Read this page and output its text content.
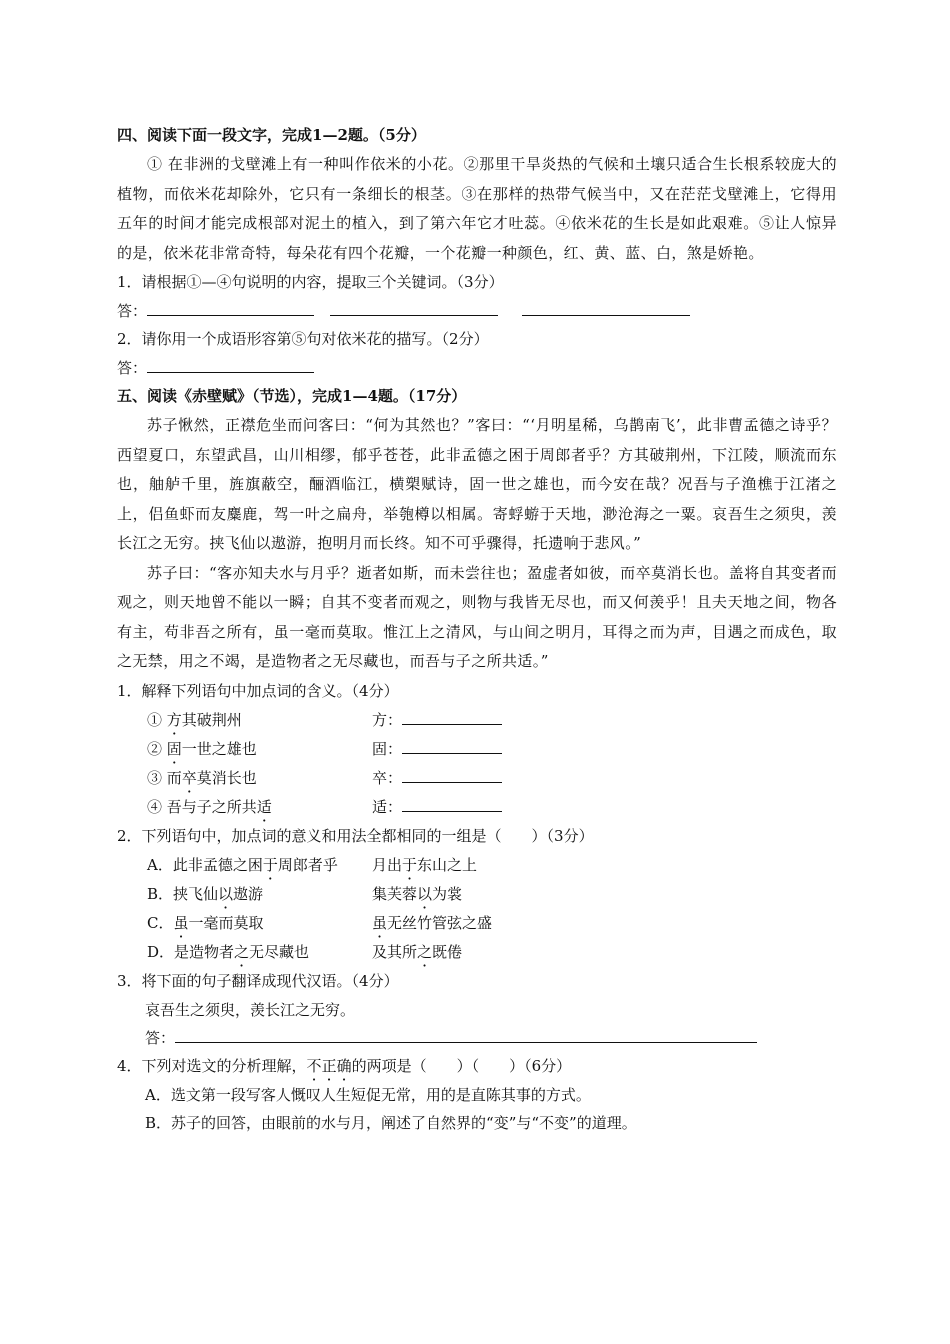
四、阅读下面一段文字，完成1—2题。（5分）

① 在非洲的戈壁滩上有一种叫作依米的小花。②那里干旱炎热的气候和土壤只适合生长根系较庞大的植物，而依米花却除外，它只有一条细长的根茎。③在那样的热带气候当中，又在茫茫戈壁滩上，它得用五年的时间才能完成根部对泥土的植入，到了第六年它才吐蕊。④依米花的生长是如此艰难。⑤让人惊异的是，依米花非常奇特，每朵花有四个花瓣，一个花瓣一种颜色，红、黄、蓝、白，煞是娇艳。

1．请根据①—④句说明的内容，提取三个关键词。（3分）

答：

2．请你用一个成语形容第⑤句对依米花的描写。（2分）

答：

五、阅读《赤壁赋》（节选），完成1—4题。（17分）

苏子愀然，正襟危坐而问客曰：“何为其然也？”客曰：“‘月明星稀，乌鹊南飞’，此非曹孟德之诗乎？西望夏口，东望武昌，山川相缪，郁乎苍苍，此非孟德之困于周郎者乎？方其破荆州，下江陵，顺流而东也，舳舻千里，旌旗蔽空，酾酒临江，横槊赋诗，固一世之雄也，而今安在哉？况吾与子渔樵于江渚之上，侣鱼虾而友麋鹿，驾一叶之扁舟，举匏樽以相属。寄蜉蝣于天地，渺沧海之一粟。哀吾生之须臾，羡长江之无穷。挟飞仙以遨游，抱明月而长终。知不可乎骤得，托遗响于悲风。”

苏子曰：“客亦知夫水与月乎？逝者如斯，而未尝往也；盈虚者如彼，而卒莫消长也。盖将自其变者而观之，则天地曾不能以一瞬；自其不变者而观之，则物与我皆无尽也，而又何羡乎！且夫天地之间，物各有主，苟非吾之所有，虽一毫而莫取。惟江上之清风，与山间之明月，耳得之而为声，目遇之而成色，取之无禁，用之不竭，是造物者之无尽藏也，而吾与子之所共适。”

1．解释下列语句中加点词的含义。（4分）

① 方其破荆州	方：
② 固一世之雄也	固：
③ 而卒莫消长也	卒：
④ 吾与子之所共适	适：

2．下列语句中，加点词的意义和用法全都相同的一组是（　　）（3分）

A．此非孟德之困于周郎者乎	月出于东山之上
B．挟飞仙以遨游	集芙蓉以为裳
C．虽一毫而莫取	虽无丝竹管弦之盛
D．是造物者之无尽藏也	及其所之既倦

3．将下面的句子翻译成现代汉语。（4分）

哀吾生之须臾，羡长江之无穷。

答：

4．下列对选文的分析理解，不正确的两项是（　　）（　　）（6分）

A．选文第一段写客人慨叹人生短促无常，用的是直陈其事的方式。

B．苏子的回答，由眼前的水与月，阐述了自然界的“变”与“不变”的道理。
